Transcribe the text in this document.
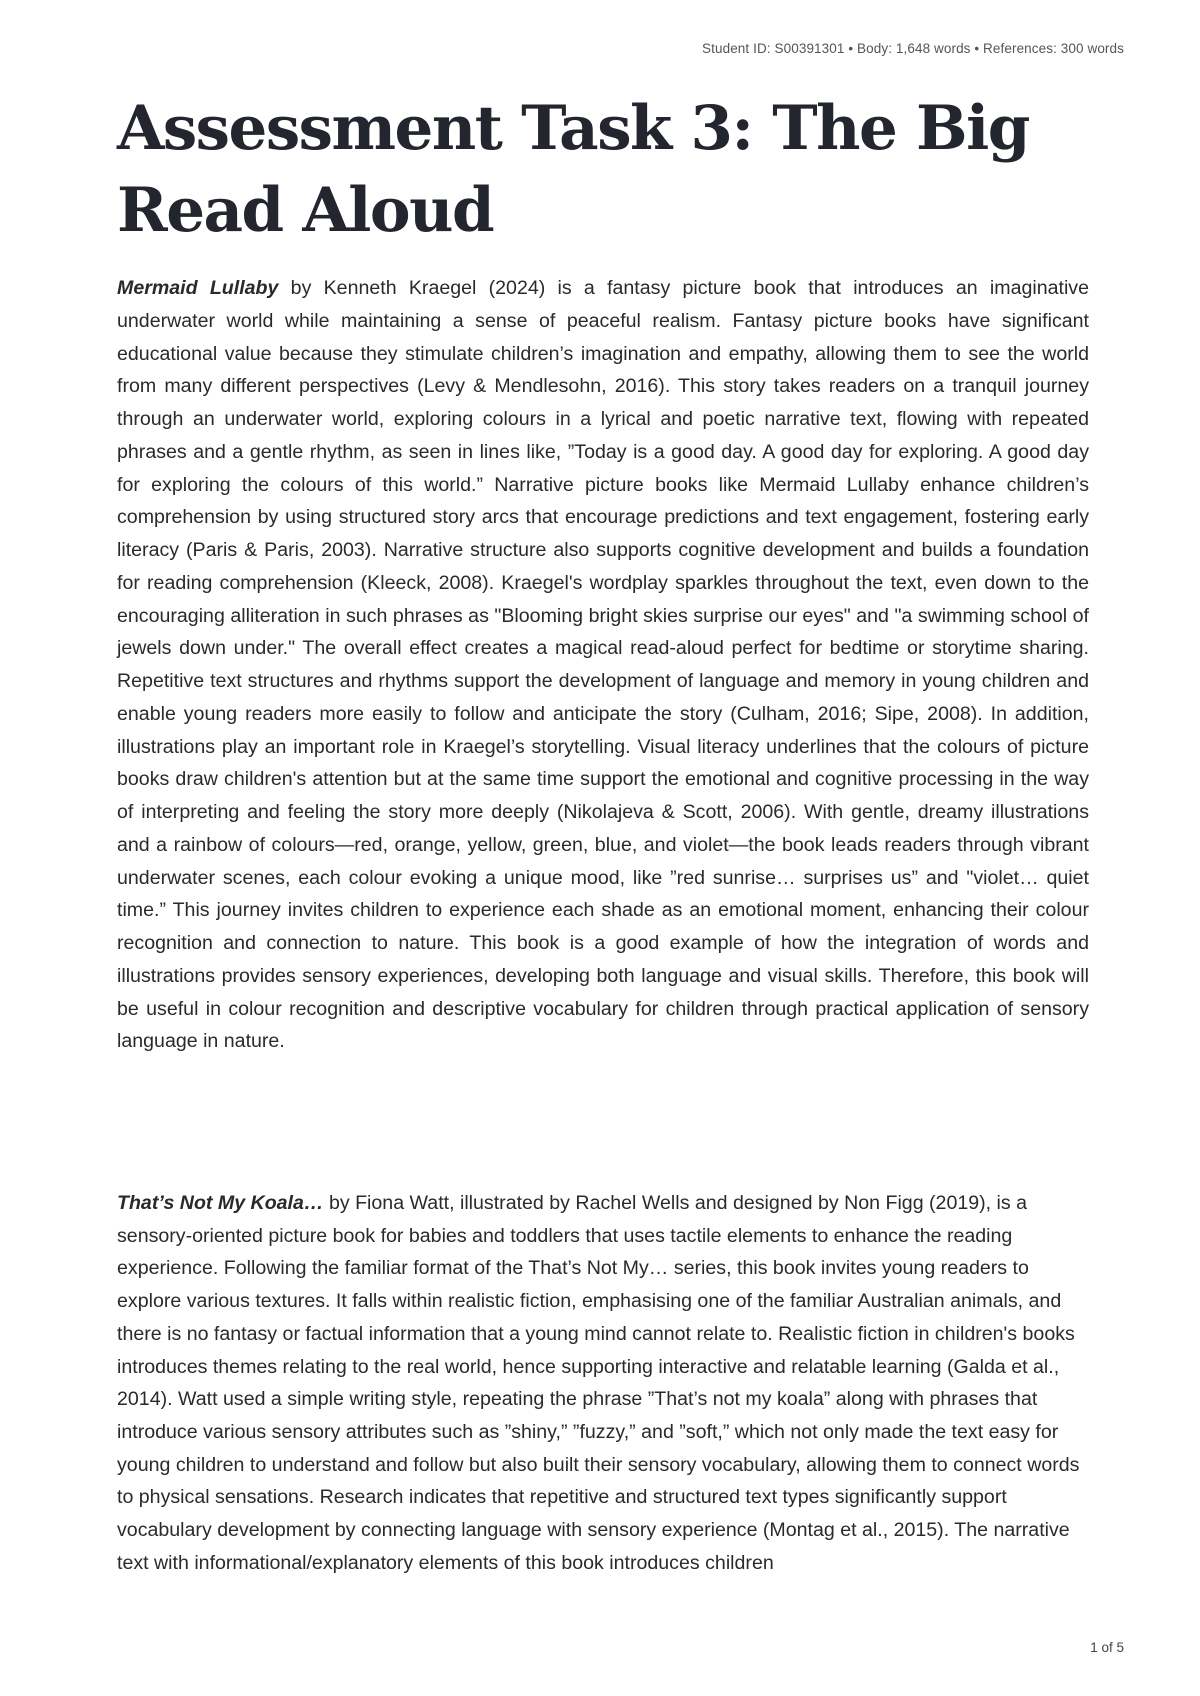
Student ID: S00391301 • Body: 1,648 words • References: 300 words
Assessment Task 3: The Big Read Aloud

Mermaid Lullaby by Kenneth Kraegel (2024) is a fantasy picture book that introduces an imaginative underwater world while maintaining a sense of peaceful realism. Fantasy picture books have significant educational value because they stimulate children’s imagination and empathy, allowing them to see the world from many different perspectives (Levy & Mendlesohn, 2016). This story takes readers on a tranquil journey through an underwater world, exploring colours in a lyrical and poetic narrative text, flowing with repeated phrases and a gentle rhythm, as seen in lines like, ”Today is a good day. A good day for exploring. A good day for exploring the colours of this world.” Narrative picture books like Mermaid Lullaby enhance children’s comprehension by using structured story arcs that encourage predictions and text engagement, fostering early literacy (Paris & Paris, 2003). Narrative structure also supports cognitive development and builds a foundation for reading comprehension (Kleeck, 2008). Kraegel's wordplay sparkles throughout the text, even down to the encouraging alliteration in such phrases as "Blooming bright skies surprise our eyes" and "a swimming school of jewels down under." The overall effect creates a magical read-aloud perfect for bedtime or storytime sharing. Repetitive text structures and rhythms support the development of language and memory in young children and enable young readers more easily to follow and anticipate the story (Culham, 2016; Sipe, 2008). In addition, illustrations play an important role in Kraegel’s storytelling. Visual literacy underlines that the colours of picture books draw children's attention but at the same time support the emotional and cognitive processing in the way of interpreting and feeling the story more deeply (Nikolajeva & Scott, 2006). With gentle, dreamy illustrations and a rainbow of colours—red, orange, yellow, green, blue, and violet—the book leads readers through vibrant underwater scenes, each colour evoking a unique mood, like ”red sunrise… surprises us” and "violet… quiet time.” This journey invites children to experience each shade as an emotional moment, enhancing their colour recognition and connection to nature. This book is a good example of how the integration of words and illustrations provides sensory experiences, developing both language and visual skills. Therefore, this book will be useful in colour recognition and descriptive vocabulary for children through practical application of sensory language in nature.

That’s Not My Koala… by Fiona Watt, illustrated by Rachel Wells and designed by Non Figg (2019), is a sensory-oriented picture book for babies and toddlers that uses tactile elements to enhance the reading experience. Following the familiar format of the That’s Not My… series, this book invites young readers to explore various textures. It falls within realistic fiction, emphasising one of the familiar Australian animals, and there is no fantasy or factual information that a young mind cannot relate to. Realistic fiction in children's books introduces themes relating to the real world, hence supporting interactive and relatable learning (Galda et al., 2014). Watt used a simple writing style, repeating the phrase ”That’s not my koala” along with phrases that introduce various sensory attributes such as ”shiny,” ”fuzzy,” and ”soft,” which not only made the text easy for young children to understand and follow but also built their sensory vocabulary, allowing them to connect words to physical sensations. Research indicates that repetitive and structured text types significantly support vocabulary development by connecting language with sensory experience (Montag et al., 2015). The narrative text with informational/explanatory elements of this book introduces children

1 of 5
